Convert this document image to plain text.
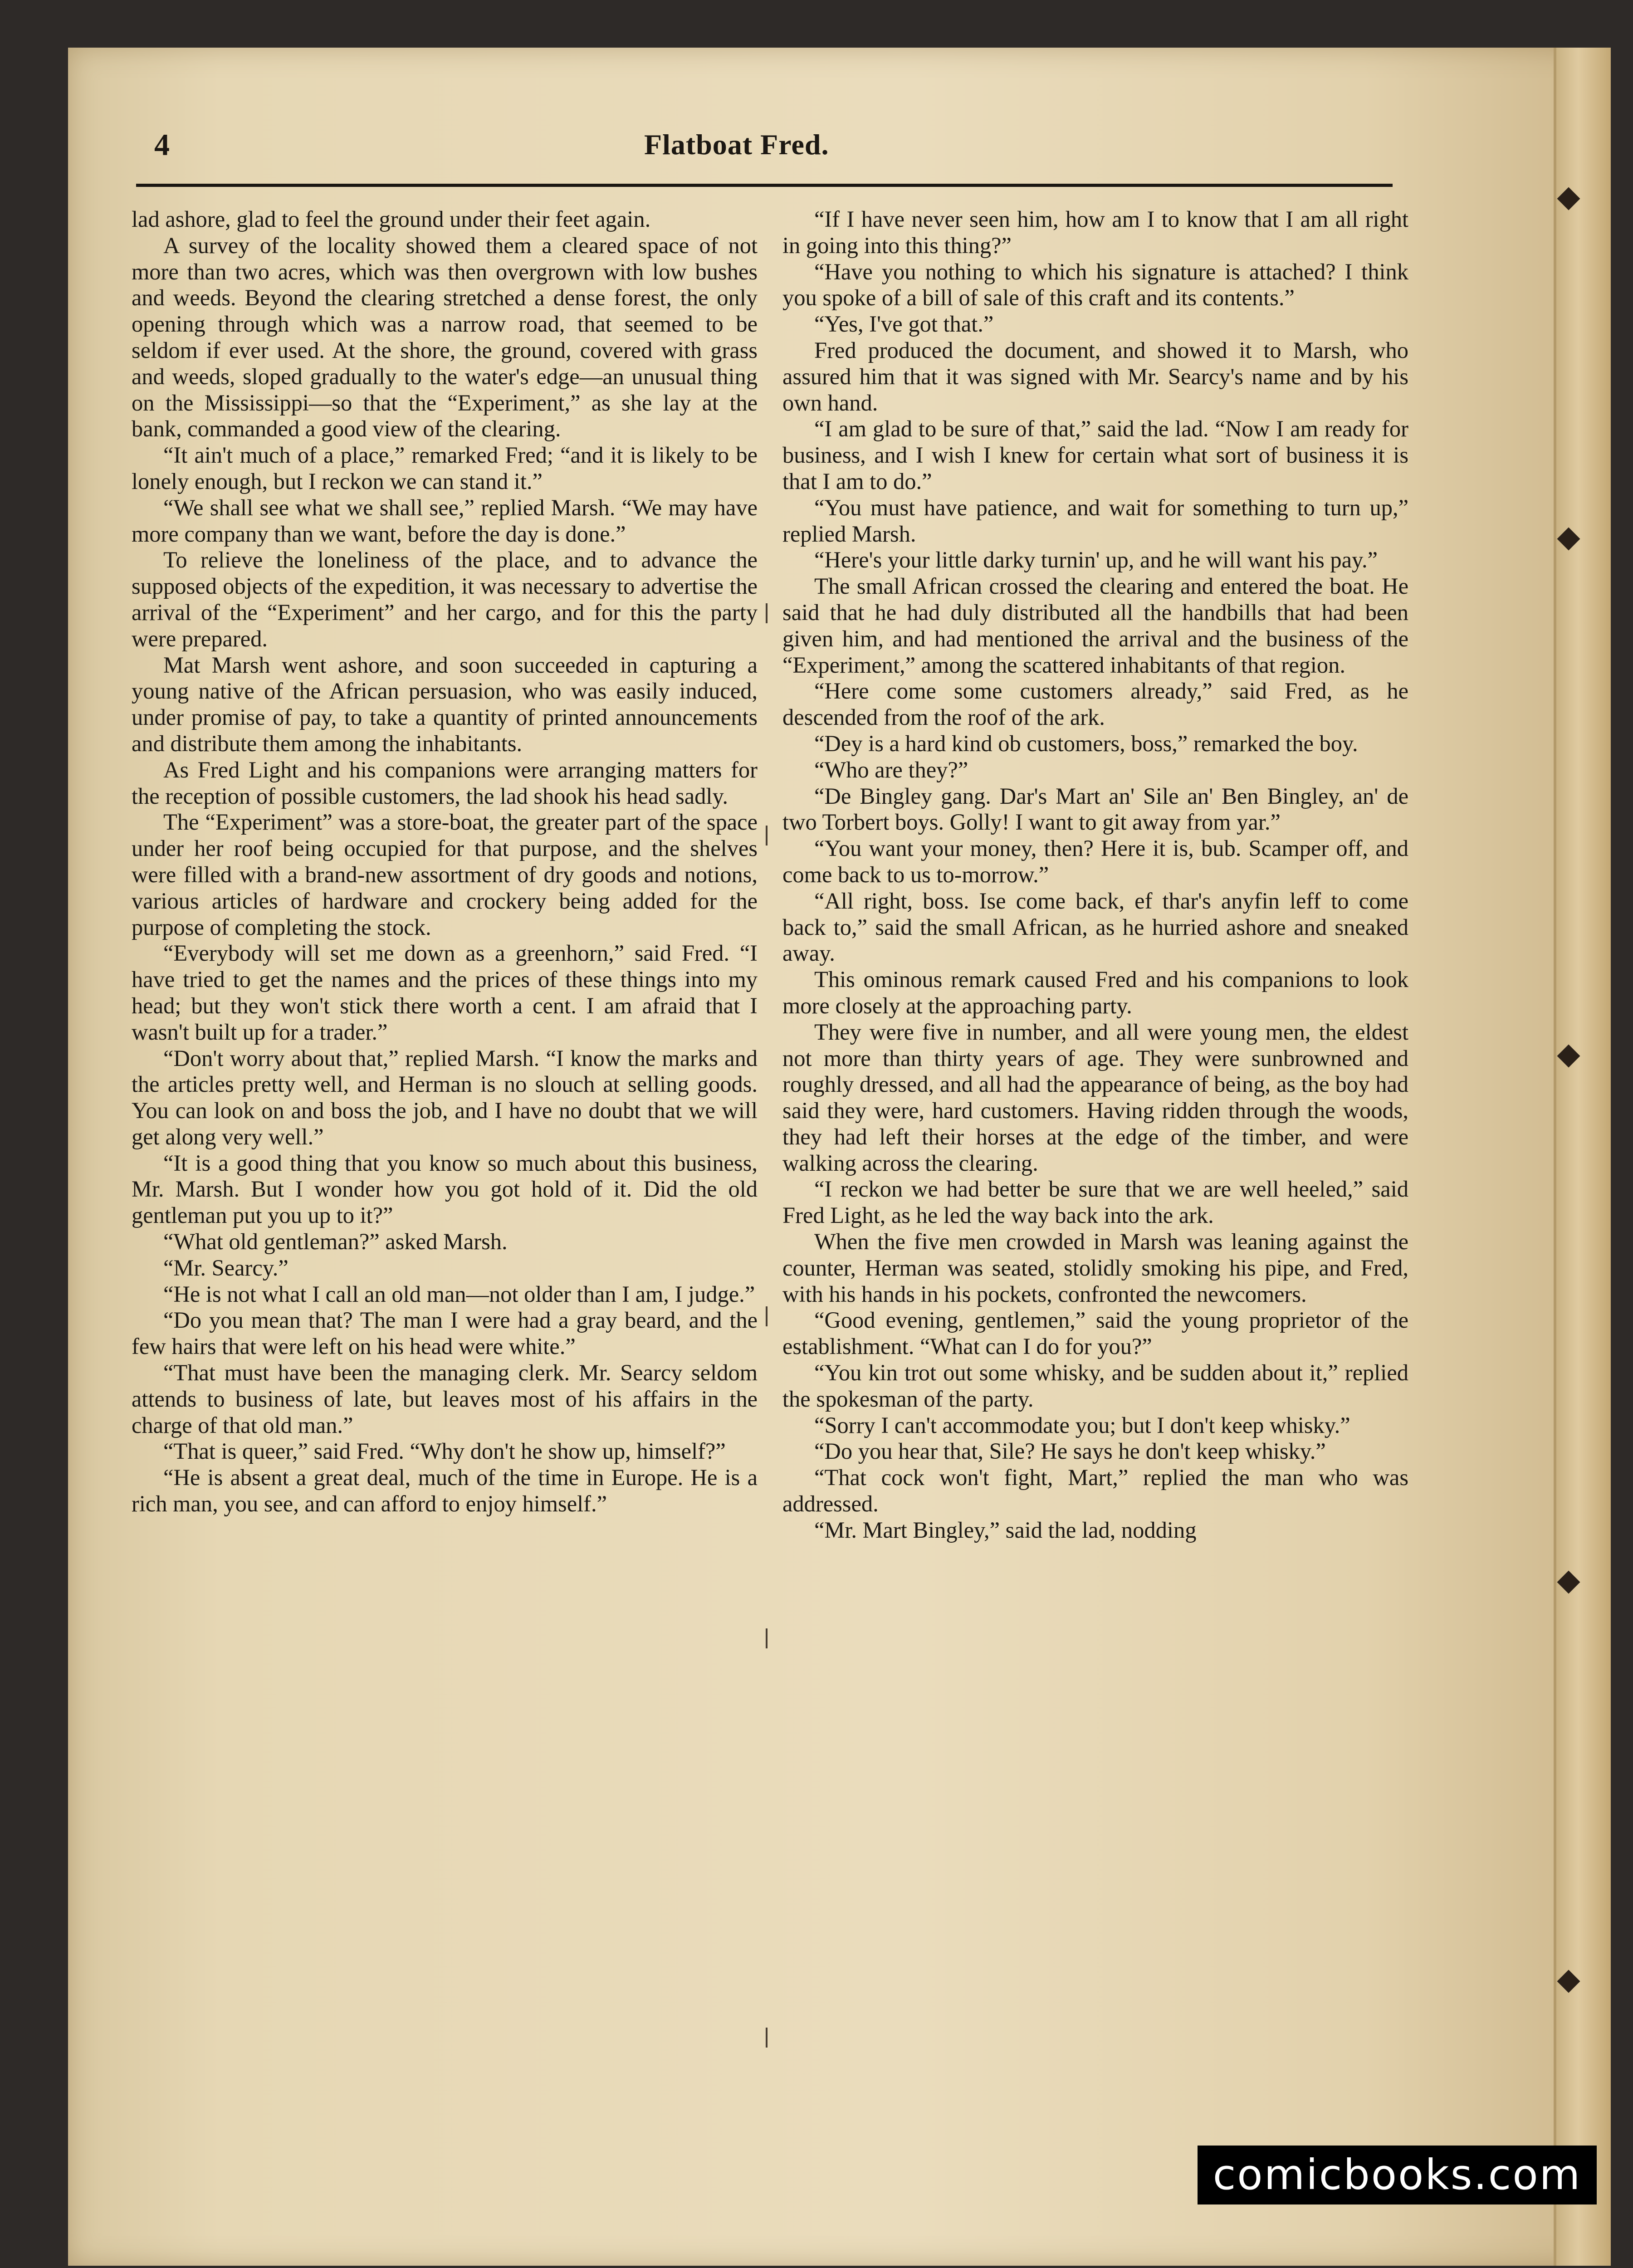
4	Flatboat Fred.

lad ashore, glad to feel the ground under their feet again.

A survey of the locality showed them a cleared space of not more than two acres, which was then overgrown with low bushes and weeds. Beyond the clearing stretched a dense forest, the only opening through which was a narrow road, that seemed to be seldom if ever used. At the shore, the ground, covered with grass and weeds, sloped gradually to the water's edge—an unusual thing on the Mississippi—so that the “Experiment,” as she lay at the bank, commanded a good view of the clearing.

“It ain't much of a place,” remarked Fred; “and it is likely to be lonely enough, but I reckon we can stand it.”

“We shall see what we shall see,” replied Marsh. “We may have more company than we want, before the day is done.”

To relieve the loneliness of the place, and to advance the supposed objects of the expedition, it was necessary to advertise the arrival of the “Experiment” and her cargo, and for this the party were prepared.

Mat Marsh went ashore, and soon succeeded in capturing a young native of the African persuasion, who was easily induced, under promise of pay, to take a quantity of printed announcements and distribute them among the inhabitants.

As Fred Light and his companions were arranging matters for the reception of possible customers, the lad shook his head sadly.

The “Experiment” was a store-boat, the greater part of the space under her roof being occupied for that purpose, and the shelves were filled with a brand-new assortment of dry goods and notions, various articles of hardware and crockery being added for the purpose of completing the stock.

“Everybody will set me down as a greenhorn,” said Fred. “I have tried to get the names and the prices of these things into my head; but they won't stick there worth a cent. I am afraid that I wasn't built up for a trader.”

“Don't worry about that,” replied Marsh. “I know the marks and the articles pretty well, and Herman is no slouch at selling goods. You can look on and boss the job, and I have no doubt that we will get along very well.”

“It is a good thing that you know so much about this business, Mr. Marsh. But I wonder how you got hold of it. Did the old gentleman put you up to it?”

“What old gentleman?” asked Marsh.

“Mr. Searcy.”

“He is not what I call an old man—not older than I am, I judge.”

“Do you mean that? The man I were had a gray beard, and the few hairs that were left on his head were white.”

“That must have been the managing clerk. Mr. Searcy seldom attends to business of late, but leaves most of his affairs in the charge of that old man.”

“That is queer,” said Fred. “Why don't he show up, himself?”

“He is absent a great deal, much of the time in Europe. He is a rich man, you see, and can afford to enjoy himself.”

“If I have never seen him, how am I to know that I am all right in going into this thing?”

“Have you nothing to which his signature is attached? I think you spoke of a bill of sale of this craft and its contents.”

“Yes, I've got that.”

Fred produced the document, and showed it to Marsh, who assured him that it was signed with Mr. Searcy's name and by his own hand.

“I am glad to be sure of that,” said the lad. “Now I am ready for business, and I wish I knew for certain what sort of business it is that I am to do.”

“You must have patience, and wait for something to turn up,” replied Marsh.

“Here's your little darky turnin' up, and he will want his pay.”

The small African crossed the clearing and entered the boat. He said that he had duly distributed all the handbills that had been given him, and had mentioned the arrival and the business of the “Experiment,” among the scattered inhabitants of that region.

“Here come some customers already,” said Fred, as he descended from the roof of the ark.

“Dey is a hard kind ob customers, boss,” remarked the boy.

“Who are they?”

“De Bingley gang. Dar's Mart an' Sile an' Ben Bingley, an' de two Torbert boys. Golly! I want to git away from yar.”

“You want your money, then? Here it is, bub. Scamper off, and come back to us to-morrow.”

“All right, boss. Ise come back, ef thar's anyfin leff to come back to,” said the small African, as he hurried ashore and sneaked away.

This ominous remark caused Fred and his companions to look more closely at the approaching party.

They were five in number, and all were young men, the eldest not more than thirty years of age. They were sunbrowned and roughly dressed, and all had the appearance of being, as the boy had said they were, hard customers. Having ridden through the woods, they had left their horses at the edge of the timber, and were walking across the clearing.

“I reckon we had better be sure that we are well heeled,” said Fred Light, as he led the way back into the ark.

When the five men crowded in Marsh was leaning against the counter, Herman was seated, stolidly smoking his pipe, and Fred, with his hands in his pockets, confronted the newcomers.

“Good evening, gentlemen,” said the young proprietor of the establishment. “What can I do for you?”

“You kin trot out some whisky, and be sudden about it,” replied the spokesman of the party.

“Sorry I can't accommodate you; but I don't keep whisky.”

“Do you hear that, Sile? He says he don't keep whisky.”

“That cock won't fight, Mart,” replied the man who was addressed.

“Mr. Mart Bingley,” said the lad, nodding

comicbooks.com
